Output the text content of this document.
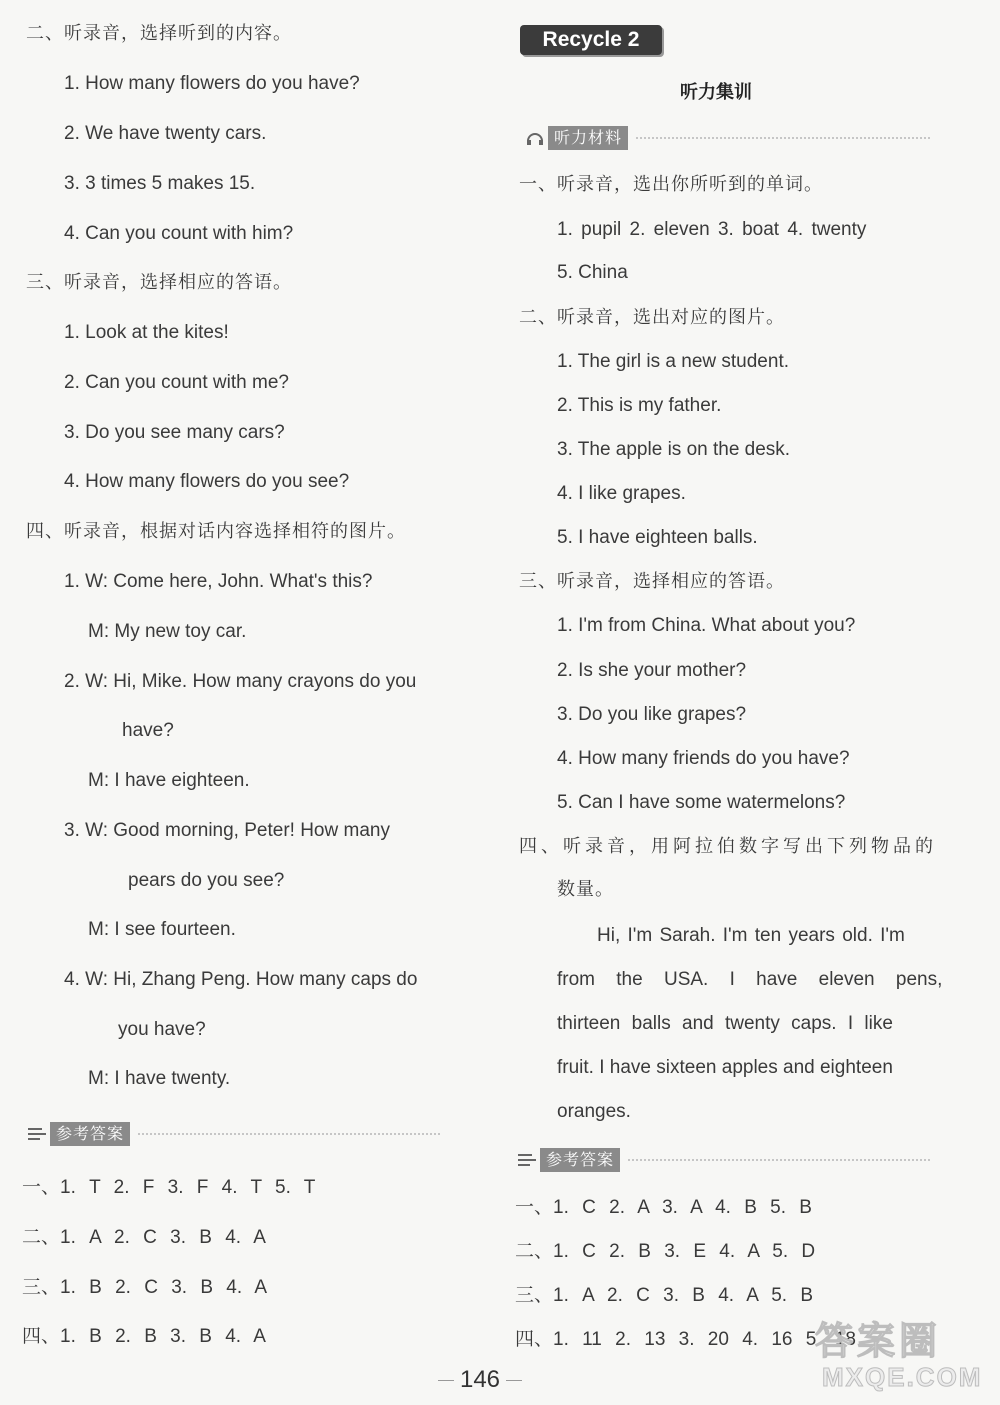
二、听录音，选择听到的内容。
1. How many flowers do you have?
2. We have twenty cars.
3. 3 times 5 makes 15.
4. Can you count with him?
三、听录音，选择相应的答语。
1. Look at the kites!
2. Can you count with me?
3. Do you see many cars?
4. How many flowers do you see?
四、听录音，根据对话内容选择相符的图片。
1. W: Come here, John. What's this?
M: My new toy car.
2. W: Hi, Mike. How many crayons do you
have?
M: I have eighteen.
3. W: Good morning, Peter! How many
pears do you see?
M: I see fourteen.
4. W: Hi, Zhang Peng. How many caps do
you have?
M: I have twenty.
参考答案
一、1. T 2. F 3. F 4. T 5. T
二、1. A 2. C 3. B 4. A
三、1. B 2. C 3. B 4. A
四、1. B 2. B 3. B 4. A
Recycle 2
听力集训
听力材料
一、听录音，选出你所听到的单词。
1. pupil 2. eleven 3. boat 4. twenty
5. China
二、听录音，选出对应的图片。
1. The girl is a new student.
2. This is my father.
3. The apple is on the desk.
4. I like grapes.
5. I have eighteen balls.
三、听录音，选择相应的答语。
1. I'm from China. What about you?
2. Is she your mother?
3. Do you like grapes?
4. How many friends do you have?
5. Can I have some watermelons?
四、听录音，用阿拉伯数字写出下列物品的
数量。
Hi, I'm Sarah. I'm ten years old. I'm
from the USA. I have eleven pens,
thirteen balls and twenty caps. I like
fruit. I have sixteen apples and eighteen
oranges.
参考答案
一、1. C 2. A 3. A 4. B 5. B
二、1. C 2. B 3. E 4. A 5. D
三、1. A 2. C 3. B 4. A 5. B
四、1. 11 2. 13 3. 20 4. 16 5. 18
146
答案圈
MXQE.COM
